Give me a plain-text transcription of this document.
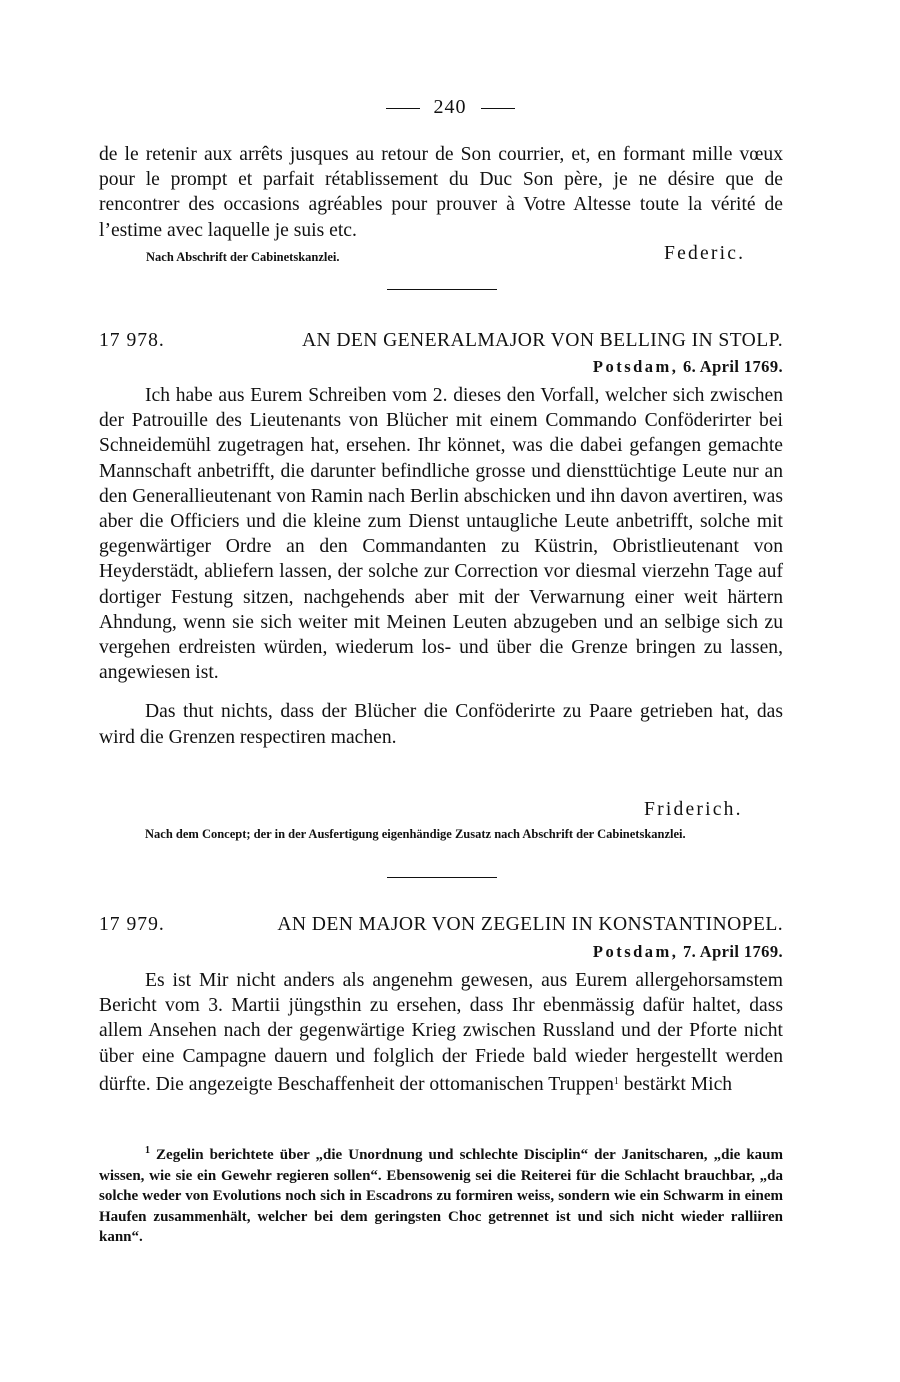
240

de le retenir aux arrêts jusques au retour de Son courrier, et, en formant mille vœux pour le prompt et parfait rétablissement du Duc Son père, je ne désire que de rencontrer des occasions agréables pour prouver à Votre Altesse toute la vérité de l’estime avec laquelle je suis etc.

Nach Abschrift der Cabinetskanzlei.	Federic.
17 978.	AN DEN GENERALMAJOR VON BELLING IN STOLP.
Potsdam, 6. April 1769.

Ich habe aus Eurem Schreiben vom 2. dieses den Vorfall, welcher sich zwischen der Patrouille des Lieutenants von Blücher mit einem Commando Conföderirter bei Schneidemühl zugetragen hat, ersehen. Ihr könnet, was die dabei gefangen gemachte Mannschaft anbetrifft, die darunter befindliche grosse und diensttüchtige Leute nur an den Generallieutenant von Ramin nach Berlin abschicken und ihn davon avertiren, was aber die Officiers und die kleine zum Dienst untaugliche Leute anbetrifft, solche mit gegenwärtiger Ordre an den Commandanten zu Küstrin, Obristlieutenant von Heyderstädt, abliefern lassen, der solche zur Correction vor diesmal vierzehn Tage auf dortiger Festung sitzen, nachgehends aber mit der Verwarnung einer weit härtern Ahndung, wenn sie sich weiter mit Meinen Leuten abzugeben und an selbige sich zu vergehen erdreisten würden, wiederum los- und über die Grenze bringen zu lassen, angewiesen ist.

Das thut nichts, dass der Blücher die Conföderirte zu Paare getrieben hat, das wird die Grenzen respectiren machen.

Friderich.

Nach dem Concept; der in der Ausfertigung eigenhändige Zusatz nach Abschrift der Cabinetskanzlei.

17 979.	AN DEN MAJOR VON ZEGELIN IN KONSTANTINOPEL.
Potsdam, 7. April 1769.

Es ist Mir nicht anders als angenehm gewesen, aus Eurem allergehorsamstem Bericht vom 3. Martii jüngsthin zu ersehen, dass Ihr ebenmässig dafür haltet, dass allem Ansehen nach der gegenwärtige Krieg zwischen Russland und der Pforte nicht über eine Campagne dauern und folglich der Friede bald wieder hergestellt werden dürfte. Die angezeigte Beschaffenheit der ottomanischen Truppen$^1$ bestärkt Mich

$^1$ Zegelin berichtete über „die Unordnung und schlechte Disciplin“ der Janitscharen, „die kaum wissen, wie sie ein Gewehr regieren sollen“. Ebensowenig sei die Reiterei für die Schlacht brauchbar, „da solche weder von Evolutions noch sich in Escadrons zu formiren weiss, sondern wie ein Schwarm in einem Haufen zusammenhält, welcher bei dem geringsten Choc getrennet ist und sich nicht wieder ralliiren kann“.
